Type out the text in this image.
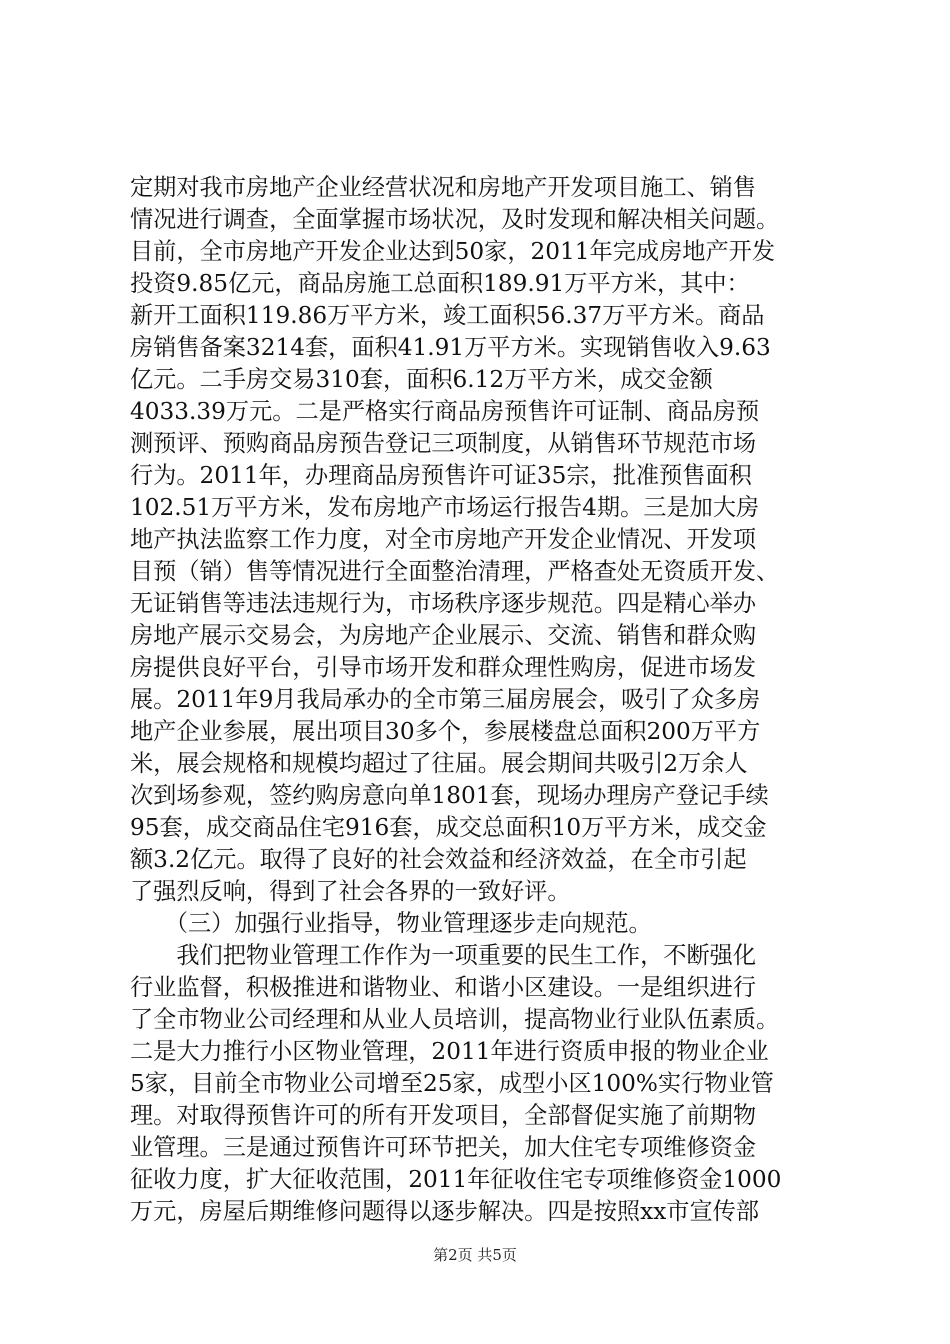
定期对我市房地产企业经营状况和房地产开发项目施工、销售
情况进行调查，全面掌握市场状况，及时发现和解决相关问题。
目前，全市房地产开发企业达到50家，2011年完成房地产开发
投资9.85亿元，商品房施工总面积189.91万平方米，其中：
新开工面积119.86万平方米，竣工面积56.37万平方米。商品
房销售备案3214套，面积41.91万平方米。实现销售收入9.63
亿元。二手房交易310套，面积6.12万平方米，成交金额
4033.39万元。二是严格实行商品房预售许可证制、商品房预
测预评、预购商品房预告登记三项制度，从销售环节规范市场
行为。2011年，办理商品房预售许可证35宗，批准预售面积
102.51万平方米，发布房地产市场运行报告4期。三是加大房
地产执法监察工作力度，对全市房地产开发企业情况、开发项
目预（销）售等情况进行全面整治清理，严格查处无资质开发、
无证销售等违法违规行为，市场秩序逐步规范。四是精心举办
房地产展示交易会，为房地产企业展示、交流、销售和群众购
房提供良好平台，引导市场开发和群众理性购房，促进市场发
展。2011年9月我局承办的全市第三届房展会，吸引了众多房
地产企业参展，展出项目30多个，参展楼盘总面积200万平方
米，展会规格和规模均超过了往届。展会期间共吸引2万余人
次到场参观，签约购房意向单1801套，现场办理房产登记手续
95套，成交商品住宅916套，成交总面积10万平方米，成交金
额3.2亿元。取得了良好的社会效益和经济效益，在全市引起
了强烈反响，得到了社会各界的一致好评。
　　（三）加强行业指导，物业管理逐步走向规范。
　　我们把物业管理工作作为一项重要的民生工作，不断强化
行业监督，积极推进和谐物业、和谐小区建设。一是组织进行
了全市物业公司经理和从业人员培训，提高物业行业队伍素质。
二是大力推行小区物业管理，2011年进行资质申报的物业企业
5家，目前全市物业公司增至25家，成型小区100%实行物业管
理。对取得预售许可的所有开发项目，全部督促实施了前期物
业管理。三是通过预售许可环节把关，加大住宅专项维修资金
征收力度，扩大征收范围，2011年征收住宅专项维修资金1000
万元，房屋后期维修问题得以逐步解决。四是按照xx市宣传部
第2页 共5页
